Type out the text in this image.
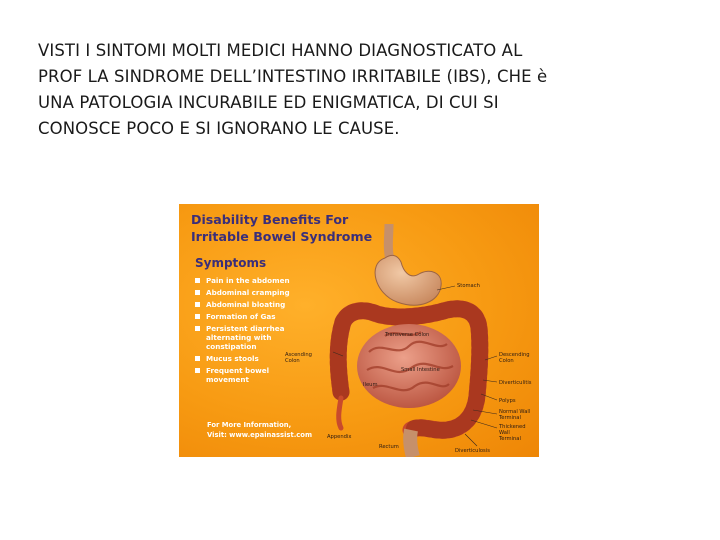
VISTI I SINTOMI MOLTI MEDICI HANNO DIAGNOSTICATO AL
PROF LA SINDROME DELL’INTESTINO IRRITABILE (IBS), CHE è
UNA PATOLOGIA INCURABILE ED ENIGMATICA, DI CUI SI
CONOSCE POCO E SI IGNORANO LE CAUSE.
Disability Benefits For
Irritable Bowel Syndrome
Symptoms
Pain in the abdomen
Abdominal cramping
Abdominal bloating
Formation of Gas
Persistent diarrhea
alternating with
constipation
Mucus stools
Frequent bowel
movement
For More Information,
Visit: www.epainassist.com
Stomach
Transverse Colon
Ascending
Colon
Descending
Colon
Small Intestine
Ileum	Diverticulitis
Polyps
Normal Wall
Terminal
Thickened Wall
Terminal
Appendix
Rectum
Diverticulosis
